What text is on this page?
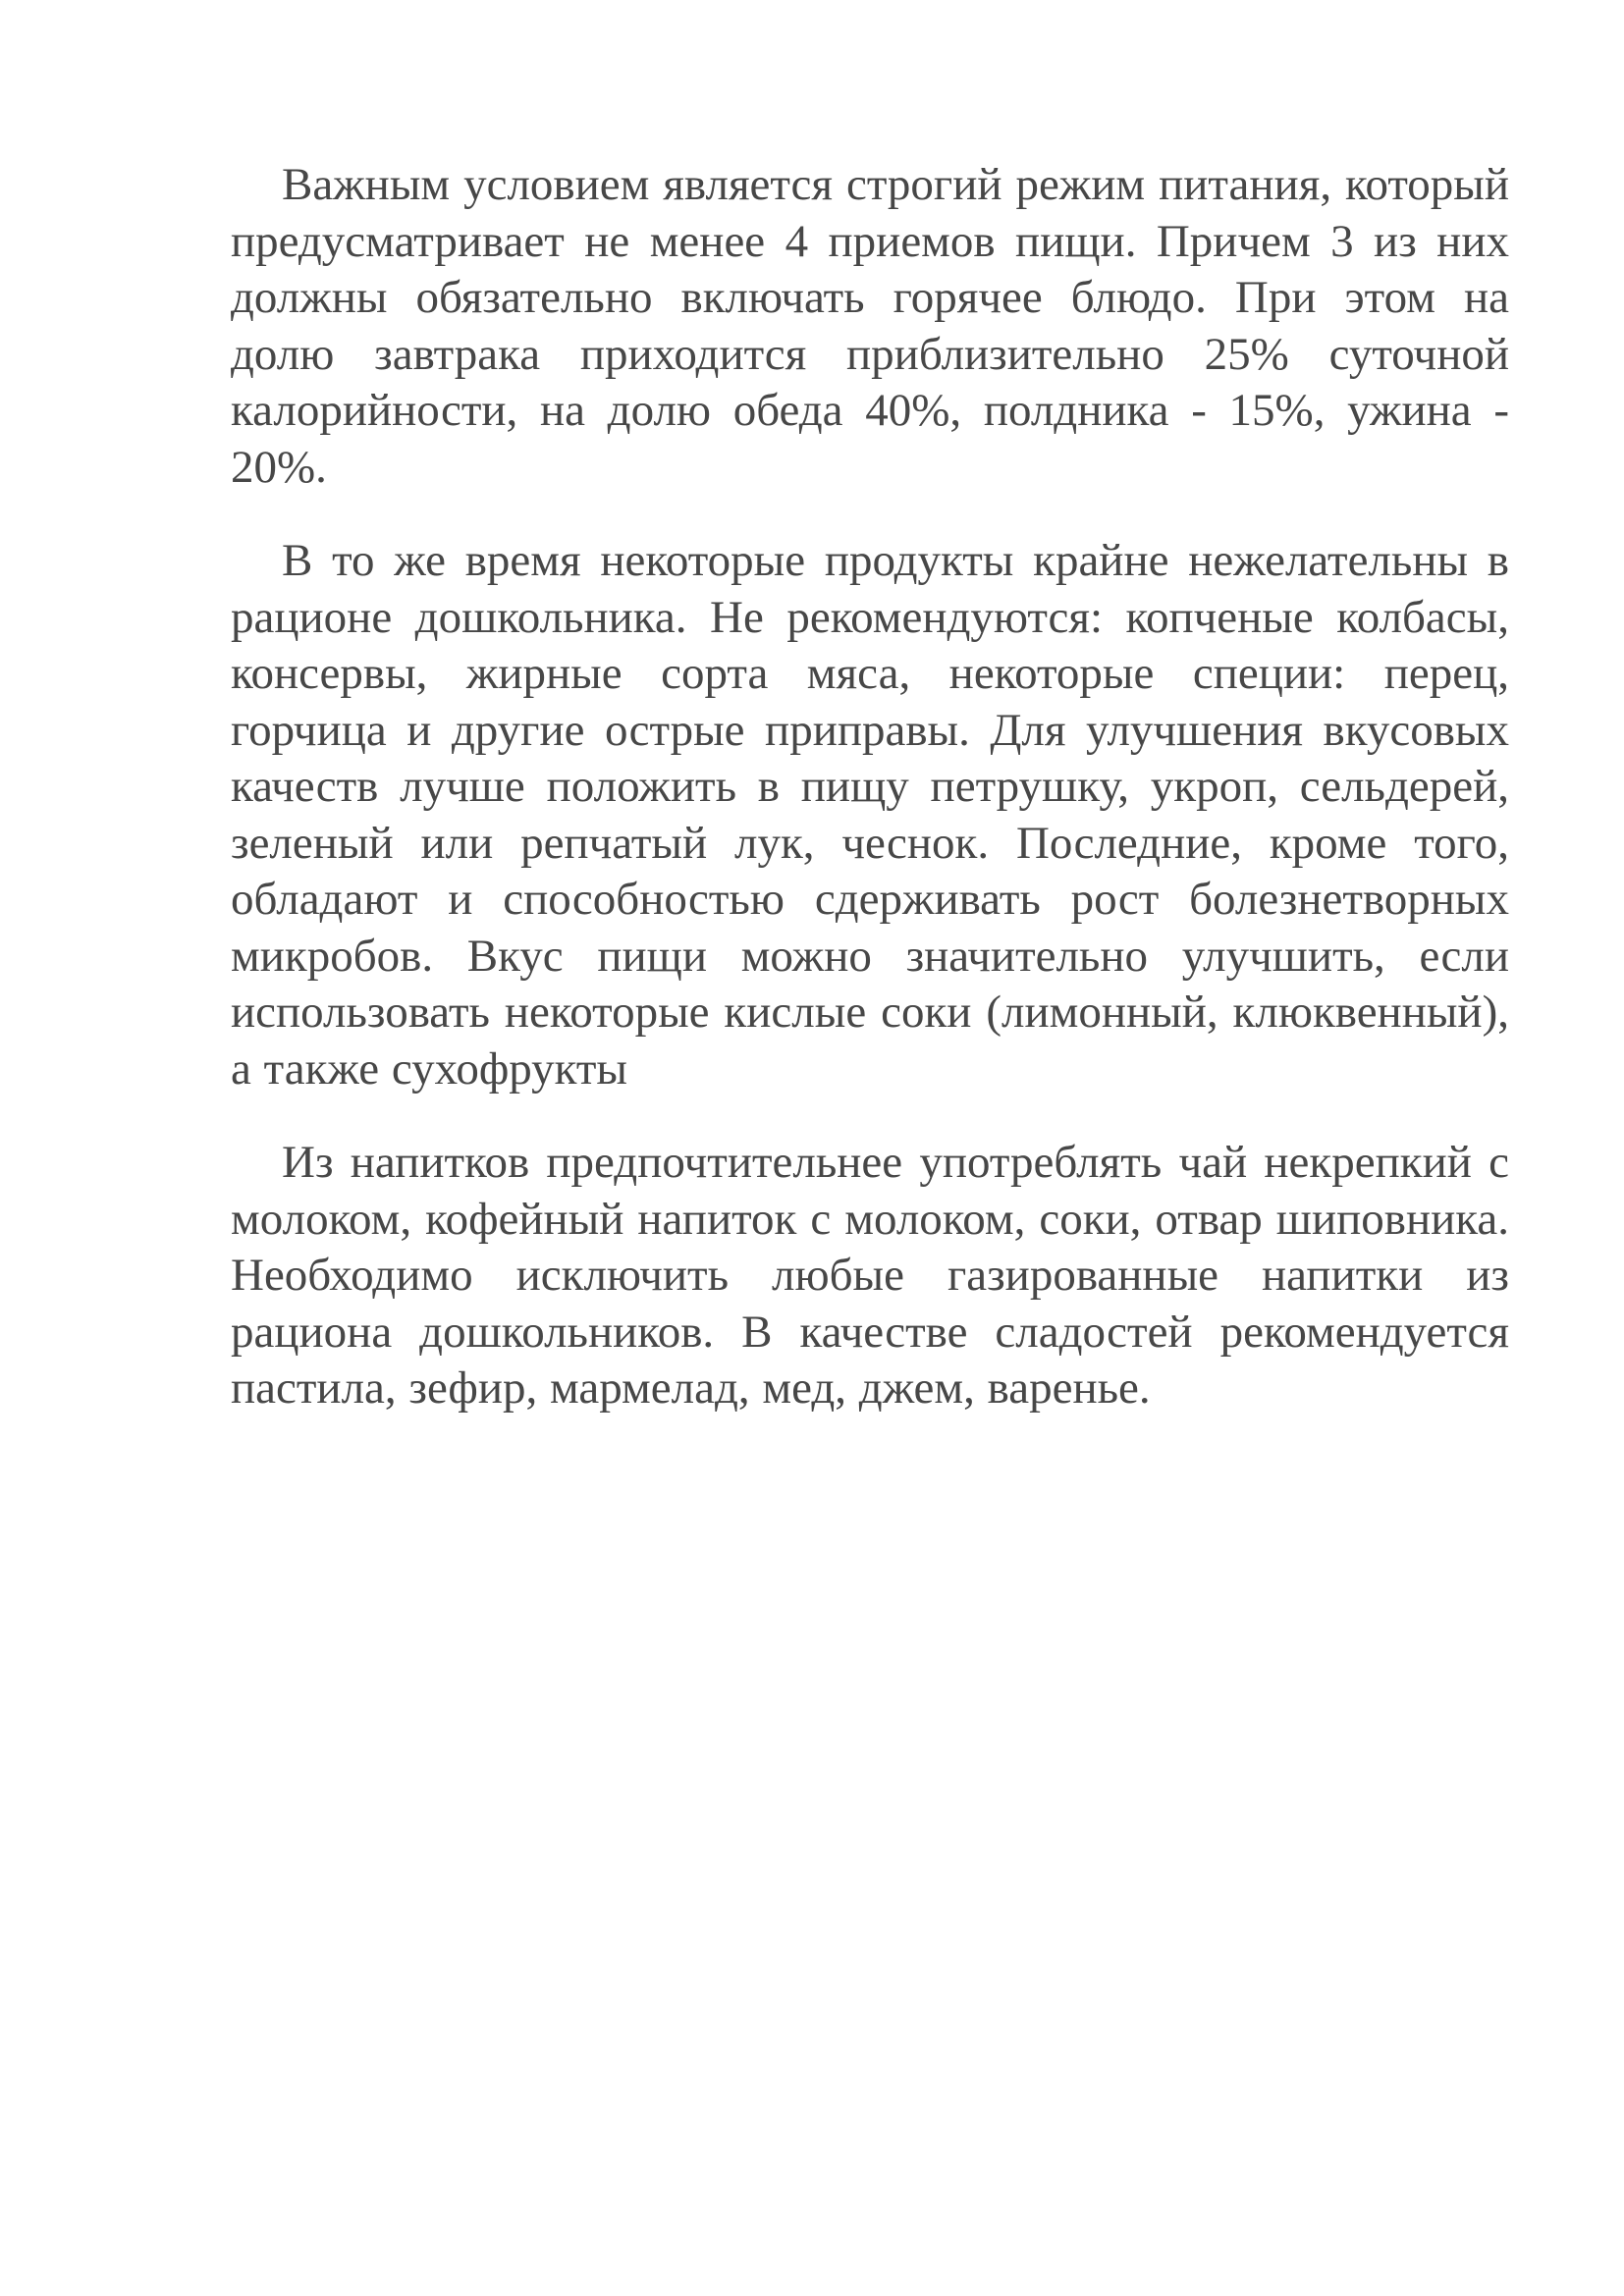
Важным условием является строгий режим питания, который предусматривает не менее 4 приемов пищи. Причем 3 из них должны обязательно включать горячее блюдо. При этом на долю завтрака приходится приблизительно 25% суточной калорийности, на долю обеда 40%, полдника - 15%, ужина - 20%.

В то же время некоторые продукты крайне нежелательны в рационе дошкольника. Не рекомендуются: копченые колбасы, консервы, жирные сорта мяса, некоторые специи: перец, горчица и другие острые приправы. Для улучшения вкусовых качеств лучше положить в пищу петрушку, укроп, сельдерей, зеленый или репчатый лук, чеснок. Последние, кроме того, обладают и способностью сдерживать рост болезнетворных микробов. Вкус пищи можно значительно улучшить, если использовать некоторые кислые соки (лимонный, клюквенный), а также сухофрукты

Из напитков предпочтительнее употреблять чай некрепкий с молоком, кофейный напиток с молоком, соки, отвар шиповника. Необходимо исключить любые газированные напитки из рациона дошкольников. В качестве сладостей рекомендуется пастила, зефир, мармелад, мед, джем, варенье.
